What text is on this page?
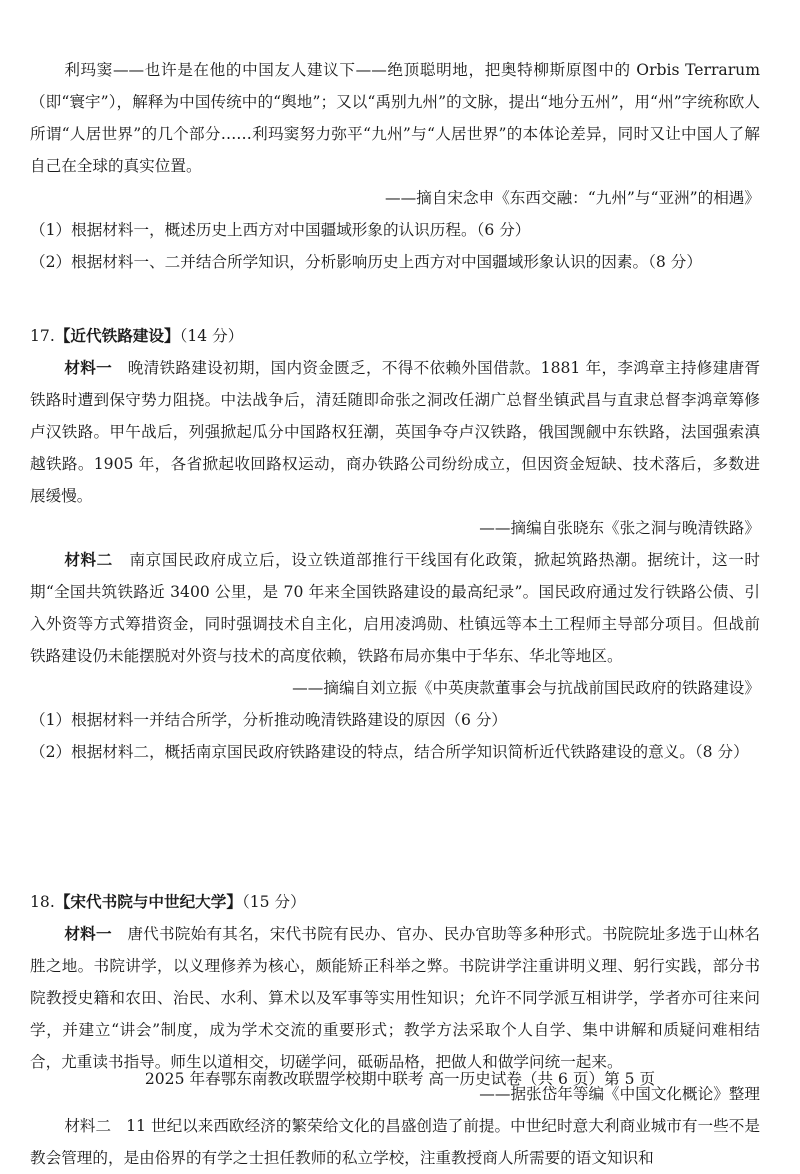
利玛窦——也许是在他的中国友人建议下——绝顶聪明地，把奥特柳斯原图中的 Orbis Terrarum（即“寰宇”），解释为中国传统中的“舆地”；又以“禹别九州”的文脉，提出“地分五州”，用“州”字统称欧人所谓“人居世界”的几个部分……利玛窦努力弥平“九州”与“人居世界”的本体论差异，同时又让中国人了解自己在全球的真实位置。

——摘自宋念申《东西交融：“九州”与“亚洲”的相遇》

（1）根据材料一，概述历史上西方对中国疆域形象的认识历程。（6 分）

（2）根据材料一、二并结合所学知识，分析影响历史上西方对中国疆域形象认识的因素。（8 分）

17.【近代铁路建设】（14 分）

材料一 晚清铁路建设初期，国内资金匮乏，不得不依赖外国借款。1881 年，李鸿章主持修建唐胥铁路时遭到保守势力阻挠。中法战争后，清廷随即命张之洞改任湖广总督坐镇武昌与直隶总督李鸿章筹修卢汉铁路。甲午战后，列强掀起瓜分中国路权狂潮，英国争夺卢汉铁路，俄国觊觎中东铁路，法国强索滇越铁路。1905 年，各省掀起收回路权运动，商办铁路公司纷纷成立，但因资金短缺、技术落后，多数进展缓慢。

——摘编自张晓东《张之洞与晚清铁路》

材料二 南京国民政府成立后，设立铁道部推行干线国有化政策，掀起筑路热潮。据统计，这一时期“全国共筑铁路近 3400 公里，是 70 年来全国铁路建设的最高纪录”。国民政府通过发行铁路公债、引入外资等方式筹措资金，同时强调技术自主化，启用凌鸿勋、杜镇远等本土工程师主导部分项目。但战前铁路建设仍未能摆脱对外资与技术的高度依赖，铁路布局亦集中于华东、华北等地区。

——摘编自刘立振《中英庚款董事会与抗战前国民政府的铁路建设》

（1）根据材料一并结合所学，分析推动晚清铁路建设的原因（6 分）

（2）根据材料二，概括南京国民政府铁路建设的特点，结合所学知识简析近代铁路建设的意义。（8 分）

18.【宋代书院与中世纪大学】（15 分）

材料一 唐代书院始有其名，宋代书院有民办、官办、民办官助等多种形式。书院院址多选于山林名胜之地。书院讲学，以义理修养为核心，颇能矫正科举之弊。书院讲学注重讲明义理、躬行实践，部分书院教授史籍和农田、治民、水利、算术以及军事等实用性知识；允许不同学派互相讲学，学者亦可往来问学，并建立“讲会”制度，成为学术交流的重要形式；教学方法采取个人自学、集中讲解和质疑问难相结合，尤重读书指导。师生以道相交，切磋学问，砥砺品格，把做人和做学问统一起来。

——据张岱年等编《中国文化概论》整理

材料二 11 世纪以来西欧经济的繁荣给文化的昌盛创造了前提。中世纪时意大利商业城市有一些不是教会管理的，是由俗界的有学之士担任教师的私立学校，注重教授商人所需要的语文知识和

2025 年春鄂东南教改联盟学校期中联考 高一历史试卷（共 6 页）第 5 页
